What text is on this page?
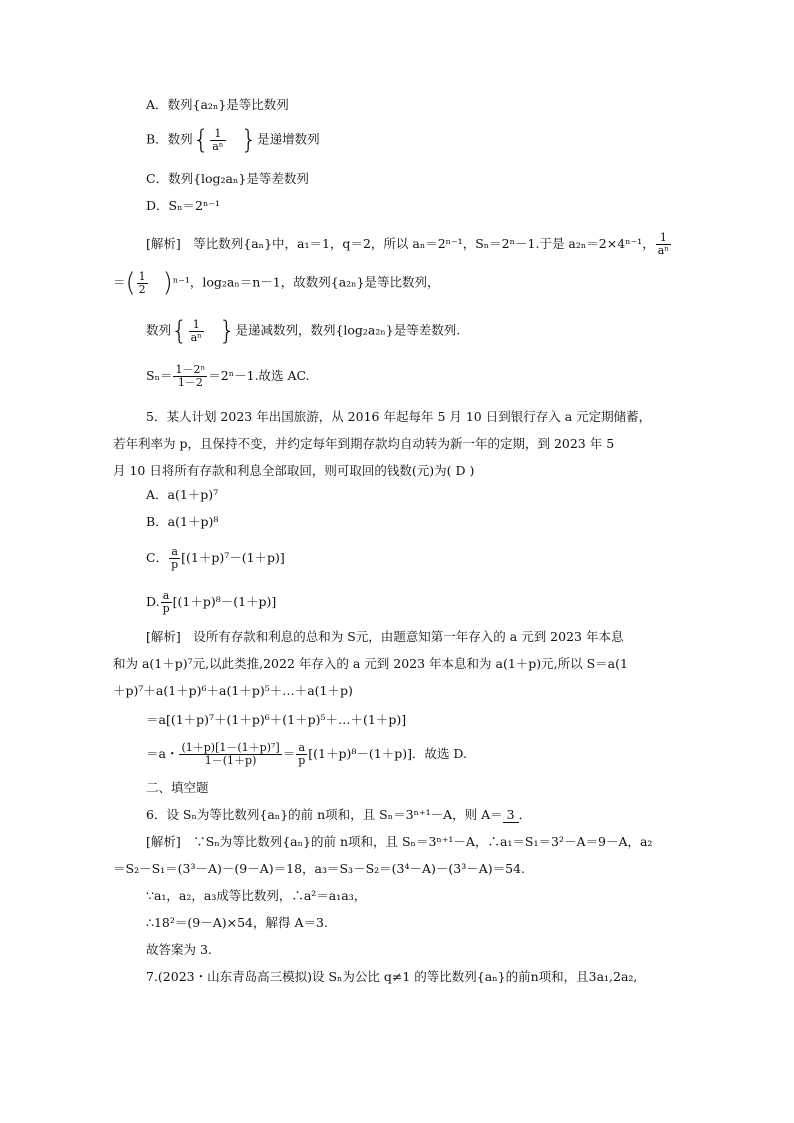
A．数列{a₂ₙ}是等比数列
B．数列{ $\frac{1}{\text{aⁿ}}$ }是递增数列
C．数列{log₂aₙ}是等差数列
D．Sₙ＝2ⁿ⁻¹
[解析]　等比数列{aₙ}中，a₁＝1，q＝2，所以 aₙ＝2ⁿ⁻¹，Sₙ＝2ⁿ－1.于是 a₂ₙ＝2×4ⁿ⁻¹， $\frac{1}{\text{aⁿ}}$
＝( $\frac{1}{2} )^{n-1}$，log₂aₙ＝n－1，故数列{a₂ₙ}是等比数列，
数列{ $\frac{1}{\text{aⁿ}}$ }是递减数列，数列{log₂a₂ₙ}是等差数列.
$S_n= \frac{\text{1－2ⁿ}}{1-2} =2^n-1$.故选 AC.
5．某人计划 2023 年出国旅游，从 2016 年起每年 5 月 10 日到银行存入 a 元定期储蓄，
若年利率为 p，且保持不变，并约定每年到期存款均自动转为新一年的定期，到 2023 年 5
月 10 日将所有存款和利息全部取回，则可取回的钱数(元)为( D )
A．a(1＋p)⁷
B．a(1＋p)⁸
C． $\frac{a}{p} [(1+p)^7-(1+p)]$
D. $\frac{a}{p} [(1+p)^8-(1+p)]$
[解析]　设所有存款和利息的总和为 S元，由题意知第一年存入的 a 元到 2023 年本息
和为 a(1＋p)⁷元,以此类推,2022 年存入的 a 元到 2023 年本息和为 a(1＋p)元,所以 S＝a(1
＋p)⁷＋a(1＋p)⁶＋a(1＋p)⁵＋…＋a(1＋p)
＝a[(1＋p)⁷＋(1＋p)⁶＋(1＋p)⁵＋…＋(1＋p)]
＝a・ $\frac{\text{(1＋p)[1－(1＋p)⁷]}}{1-(1+p)} = \frac{a}{p} [(1+p)^8-(1+p)]$．故选 D.
二、填空题
6．设 Sₙ为等比数列{aₙ}的前 n项和，且 Sₙ＝3ⁿ⁺¹－A，则 A＝ 3 ．
[解析]　∵Sₙ为等比数列{aₙ}的前 n项和，且 Sₙ＝3ⁿ⁺¹－A，∴a₁＝S₁＝3²－A＝9－A，a₂
＝S₂－S₁＝(3³－A)－(9－A)＝18，a₃＝S₃－S₂＝(3⁴－A)－(3³－A)＝54.
∵a₁，a₂，a₃成等比数列，∴a²＝a₁a₃，
∴18²＝(9－A)×54，解得 A＝3.
故答案为 3.
7.(2023・山东青岛高三模拟)设 Sₙ为公比 q≠1 的等比数列{aₙ}的前n项和，且3a₁,2a₂,
